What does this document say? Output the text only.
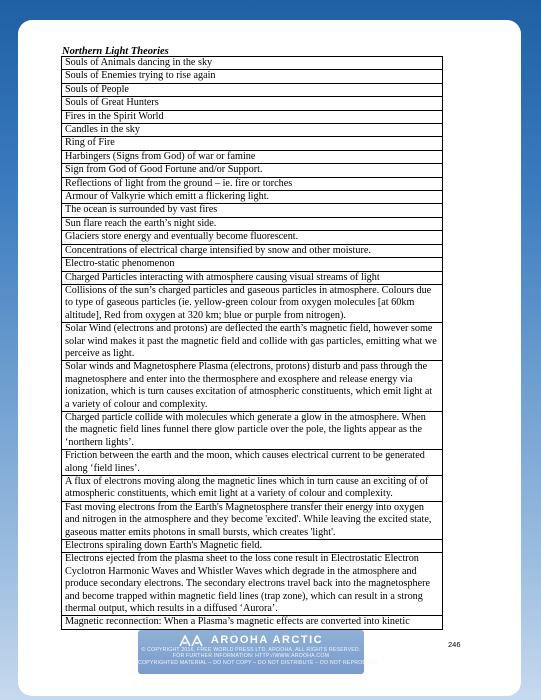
Northern Light Theories
Souls of Animals dancing in the sky
Souls of Enemies trying to rise again
Souls of People
Souls of Great Hunters
Fires in the Spirit World
Candles in the sky
Ring of Fire
Harbingers (Signs from God) of war or famine
Sign from God of Good Fortune and/or Support.
Reflections of light from the ground – ie. fire or torches
Armour of Valkyrie which emitt a flickering light.
The ocean is surrounded by vast fires
Sun flare reach the earth’s night side.
Glaciers store energy and eventually become fluorescent.
Concentrations of electrical charge intensified by snow and other moisture.
Electro-static phenomenon
Charged Particles interacting with atmosphere causing visual streams of light
Collisions of the sun’s charged particles and gaseous particles in atmosphere. Colours due to type of gaseous particles (ie. yellow-green colour from oxygen molecules [at 60km altitude], Red from oxygen at 320 km; blue or purple from nitrogen).
Solar Wind (electrons and protons) are deflected the earth’s magnetic field, however some solar wind makes it past the magnetic field and collide with gas particles, emitting what we perceive as light.
Solar winds and Magnetosphere Plasma (electrons, protons) disturb and pass through the magnetosphere and enter into the thermosphere and exosphere and release energy via ionization, which is turn causes excitation of atmospheric constituents, which emit light at a variety of colour and complexity.
Charged particle collide with molecules which generate a glow in the atmosphere. When the magnetic field lines funnel there glow particle over the pole, the lights appear as the ‘northern lights’.
Friction between the earth and the moon, which causes electrical current to be generated along ‘field lines’.
A flux of electrons moving along the magnetic lines which in turn cause an exciting of of atmospheric constituents, which emit light at a variety of colour and complexity.
Fast moving electrons from the Earth's Magnetosphere transfer their energy into oxygen and nitrogen in the atmosphere and they become 'excited'. While leaving the excited state, gaseous matter emits photons in small bursts, which creates 'light'.
Electrons spiraling down Earth's Magnetic field.
Electrons ejected from the plasma sheet to the loss cone result in Electrostatic Electron Cyclotron Harmonic Waves and Whistler Waves which degrade in the atmosphere and produce secondary electrons. The secondary electrons travel back into the magnetosphere and become trapped within magnetic field lines (trap zone), which can result in a strong thermal output, which results in a diffused ‘Aurora’.
Magnetic reconnection: When a Plasma’s magnetic effects are converted into kinetic
AROOHA ARCTIC
© COPYRIGHT 2016, FREE WORLD PRESS LTD, AROOHA. ALL RIGHTS RESERVED.
FOR FURTHER INFORMATION: HTTP://WWW.AROOHA.COM
COPYRIGHTED MATERIAL – DO NOT COPY – DO NOT DISTRIBUTE – DO NOT REPRODUCE
246
